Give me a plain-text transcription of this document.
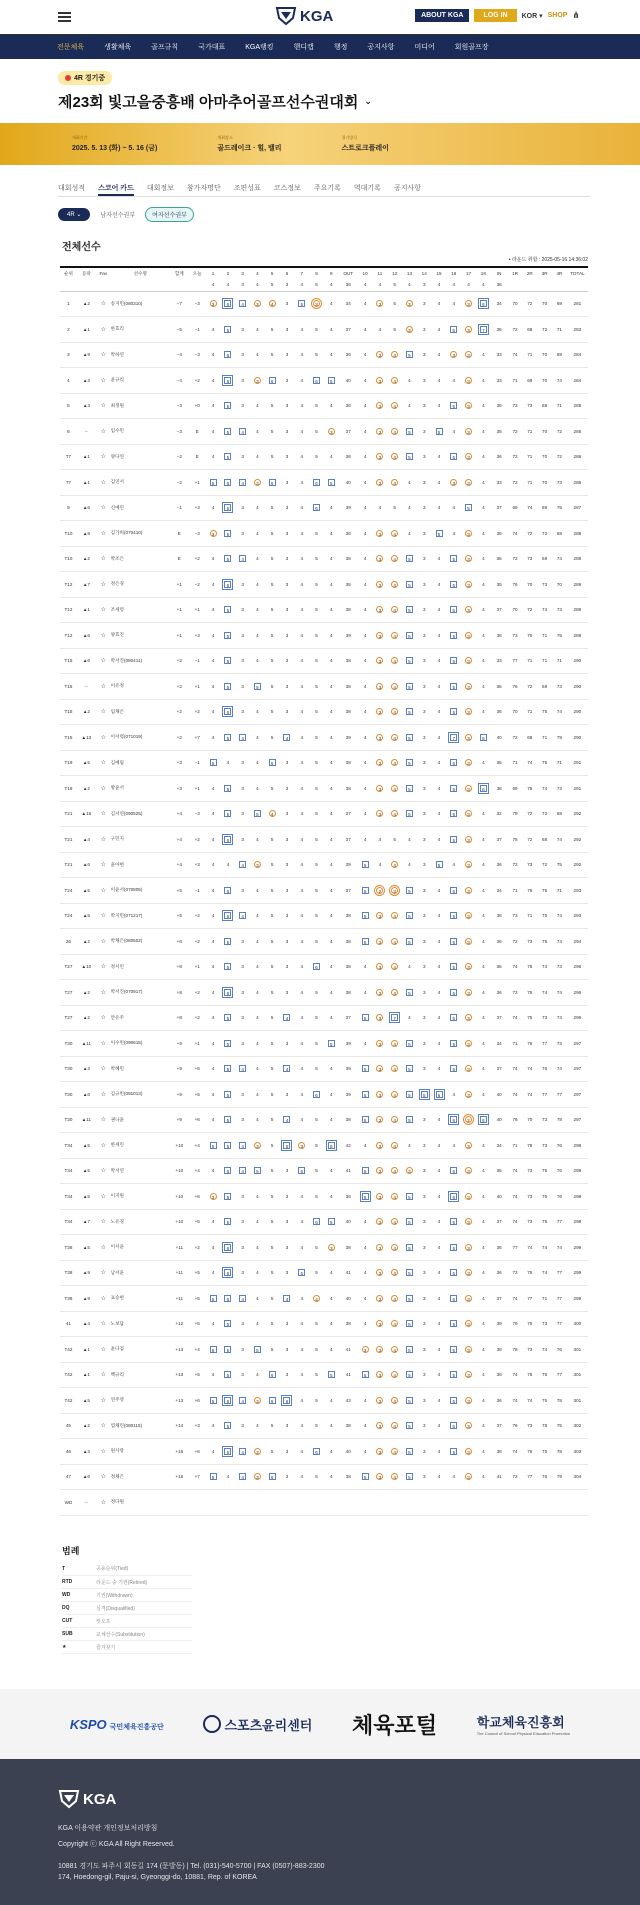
KGA	ABOUT KGA	LOG IN	KOR ▾ SHOP ⋔
전문체육	생활체육	골프규칙	국가대표	KGA랭킹	핸디캡	행정	공지사항	미디어	회원골프장
4R 경기중
제23회 빛고을중흥배 아마추어골프선수권대회 ⌄
개최기간
2025. 5. 13 (화) ~ 5. 16 (금)
개최장소
골드레이크 · 힐, 밸리
경기방식
스트로크플레이
대회성적 스코어 카드 대회정보 참가자명단 조편성표 코스정보 주요기록 역대기록 공지사항
4R ⌄	남자선수권부	여자선수권부
전체선수
• 라운드 취합 : 2025-05-16 14:36:02
순위	등락	Fav	선수명	합계	오늘	1	2	3	4	5	6	7	8	9	OUT	10	11	12	13	14	15	16	17	18	IN	1R	2R	3R	4R	TOTAL
						4	4	3	4	5	3	4	5	4	36	4	4	5	4	3	4	4	4	4	36					
1	▲2	☆	송지민(080310)	−7	−3	3	6	4	3	4	3	5	3	4	34	4	3	5	3	3	4	4	3	6	34	70	72	70	69	281
2	▲1	☆	한효리	−5	−1	4	5	3	4	5	3	4	5	4	37	4	4	5	3	3	4	5	3	7	35	72	68	72	71	283
3	▲9	☆	박하연	−4	−3	4	5	3	4	5	3	4	5	4	36	4	3	4	5	3	4	3	3	4	33	74	71	70	69	284
4	▲3	☆	윤규리	−4	+2	4	6	3	3	6	3	4	6	5	40	4	3	4	4	3	4	4	3	4	33	71	69	70	74	284
5	▲3	☆	최정원	−3	+0	4	5	3	4	5	3	4	5	4	36	4	3	4	4	3	4	5	3	4	35	73	73	68	71	285
6	−	☆	임수민	−3	E	4	5	4	4	5	3	4	5	3	37	4	3	4	5	3	5	4	3	4	35	72	71	70	72	285
T7	▲1	☆	양다연	−2	E	4	5	3	4	5	3	4	5	4	36	4	3	4	5	3	4	5	3	4	36	72	71	70	72	286
T7	▲1	☆	김연서	−2	+1	5	5	4	3	6	3	4	6	5	40	4	3	4	4	3	4	3	3	4	33	72	71	70	73	286
9	▲6	☆	신예린	−1	+3	4	6	3	4	5	3	4	6	4	39	4	4	5	4	3	4	4	5	4	37	69	74	69	75	287
T10	▲9	☆	김가희(070410)	E	−3	3	5	3	4	5	3	4	5	4	36	4	3	4	4	3	5	4	3	4	35	74	72	72	69	288
T10	▲2	☆	박조은	E	+2	4	5	4	4	5	3	4	5	4	38	4	3	4	5	3	4	5	3	4	35	72	73	69	74	288
T12	▲7	☆	정은경	+1	−2	4	6	3	4	5	3	4	5	4	35	4	3	4	5	3	4	5	3	4	35	76	70	73	70	289
T12	▲1	☆	조세령	+1	+1	4	5	3	4	5	3	4	5	4	38	4	3	4	5	3	4	5	3	4	37	70	72	74	73	289
T12	▲6	☆	양효진	+1	+3	4	5	3	4	5	3	4	5	4	39	4	3	4	5	3	4	5	3	4	36	73	70	71	75	289
T15	▲6	☆	박서진(080411)	+2	−1	4	5	3	4	5	3	4	5	4	38	4	3	4	5	3	4	5	3	4	33	77	71	71	71	290
T15	−	☆	이유정	+2	+1	4	5	3	5	5	3	4	5	4	38	4	3	4	5	3	4	5	3	4	35	76	72	69	73	290
T15	▲2	☆	임채은	+2	+2	4	6	3	4	5	3	4	5	4	38	4	3	4	5	3	4	5	3	4	36	70	71	75	74	290
T15	▲13	☆	이서령(071019)	+2	+7	4	5	4	4	5	4	4	5	4	39	4	3	4	5	3	4	7	3	5	40	72	68	71	79	290
T19	▲5	☆	김예림	+3	−1	5	4	3	4	6	3	4	5	4	38	4	3	4	5	3	4	5	3	4	35	71	74	75	71	291
T19	▲2	☆	방윤서	+3	+1	4	5	3	4	5	3	4	5	4	38	4	3	4	5	3	4	5	3	6	38	69	75	74	73	291
T21	▲16	☆	김서연(090525)	+4	−3	4	5	3	5	4	3	4	5	4	37	4	3	4	5	3	4	5	3	4	32	79	72	72	69	292
T21	▲4	☆	구민지	+4	+2	4	6	3	4	5	3	4	5	4	37	4	4	5	4	3	4	5	3	4	37	78	72	68	74	292
T21	▲6	☆	윤아현	+4	+3	4	4	4	3	5	3	4	5	4	39	5	4	4	4	3	5	4	3	4	36	72	73	72	75	292
T24	▲5	☆	이윤서(070805)	+5	−1	4	5	3	4	5	3	4	5	4	37	5	2	3	5	3	4	5	3	4	34	71	76	75	71	293
T24	▲5	☆	박지민(071217)	+5	+2	4	6	4	4	5	3	4	5	4	38	5	3	4	5	3	4	5	3	4	36	73	71	75	74	293
26	▲2	☆	박채은(080502)	+6	+2	4	5	3	4	5	3	4	5	4	38	5	3	4	5	3	4	5	3	4	36	72	73	75	74	294
T27	▲10	☆	정서린	+8	+1	4	5	3	4	5	3	4	6	4	38	4	3	4	4	3	4	5	3	4	35	74	75	74	73	296
T27	▲2	☆	박서진(070917)	+8	+2	4	6	3	4	5	3	4	5	4	38	4	3	4	5	3	4	5	3	4	36	73	75	74	74	296
T27	▲2	☆	안유주	+8	+2	4	5	3	4	5	4	4	5	4	37	5	3	7	4	3	4	5	3	4	37	74	75	73	74	296
T30	▲11	☆	이수빈(090615)	+9	+1	4	5	3	4	5	3	4	5	5	39	4	3	4	5	3	4	5	3	4	34	71	76	77	73	297
T30	▲3	☆	박혜민	+9	+5	4	5	4	4	5	4	4	5	4	39	5	3	4	5	3	4	5	3	4	37	74	74	76	74	297
T30	▲6	☆	김규빈(091013)	+9	+5	4	5	3	4	5	3	4	6	4	39	5	3	4	5	5	6	4	3	4	40	74	74	77	77	297
T30	▲11	☆	권나윤	+9	+6	4	5	3	4	5	4	4	5	4	38	5	3	4	5	3	4	6	2	6	40	76	70	73	78	297
T34	▲5	☆	한세린	+10	+4	5	5	4	3	5	5	3	5	6	42	4	3	4	4	3	4	4	3	4	34	71	78	73	76	298
T34	▲5	☆	박서연	+10	+4	4	5	4	5	5	3	5	5	4	41	5	3	4	3	3	4	5	3	4	35	74	73	75	76	298
T34	▲5	☆	이지원	+10	+6	3	5	3	4	5	3	4	5	4	36	6	3	4	5	3	4	6	3	4	40	74	73	75	76	298
T34	▲7	☆	노유경	+10	+5	4	5	3	4	5	3	4	6	5	40	4	3	4	5	3	4	5	3	4	37	74	73	75	77	298
T38	▲5	☆	이서윤	+11	+2	4	6	3	4	5	3	4	5	3	38	4	3	4	5	3	4	5	3	4	36	77	74	74	74	299
T38	▲9	☆	남서윤	+11	+5	4	6	3	4	5	3	5	5	4	41	4	3	4	5	3	4	5	3	4	36	73	75	74	77	299
T38	▲9	☆	표승현	+11	+5	5	5	4	4	5	4	4	4	4	40	4	3	4	5	3	4	5	3	4	37	74	77	71	77	299
41	▲4	☆	노보담	+12	+5	4	5	3	4	5	3	4	5	4	38	4	3	4	5	3	4	5	3	4	39	79	75	73	77	300
T42	▲1	☆	윤다겸	+13	+4	5	5	3	5	5	3	4	5	4	41	3	3	4	5	3	4	5	3	4	38	78	73	74	76	301
T42	▲1	☆	백규리	+13	+5	4	5	3	4	6	3	4	5	5	41	5	3	4	5	3	4	5	3	4	36	74	75	75	77	301
T42	▲5	☆	연주영	+13	+6	5	6	4	3	6	6	4	5	4	43	4	3	4	5	3	4	5	3	4	36	74	74	75	78	301
45	▲2	☆	염채린(080115)	+14	+3	4	5	3	4	5	3	4	5	4	38	4	3	4	5	3	4	5	3	4	37	76	73	78	75	302
46	▲3	☆	원사랑	+15	+6	4	6	4	3	5	3	4	6	4	40	4	3	4	5	3	4	5	3	4	38	74	76	75	78	303
47	▲6	☆	정채은	+16	+7	5	4	4	3	6	3	4	5	4	38	5	3	4	5	3	4	4	3	4	41	72	77	76	79	304
WD	−	☆	정다원																											
범례
T	공동순위(Tied)
RTD	라운드 중 기권(Retired)
WD	기권(Withdrawn)
DQ	실격(Disqualified)
CUT	컷오프
SUB	교체선수(Substitution)
★	즐겨찾기
KSPO 국민체육진흥공단	스포츠윤리센터 체육포털	학교체육진흥회
The Council of School Physical Education Promotion
KGA

KGA 이용약관 개인정보처리방침

Copyright ⓒ KGA All Right Reserved.

10881 경기도 파주시 회동길 174 (문발동) | Tel. (031)-540-5700 | FAX (0507)-883-2300

174, Hoedong-gil, Paju-si, Gyeonggi-do, 10881, Rep. of KOREA
